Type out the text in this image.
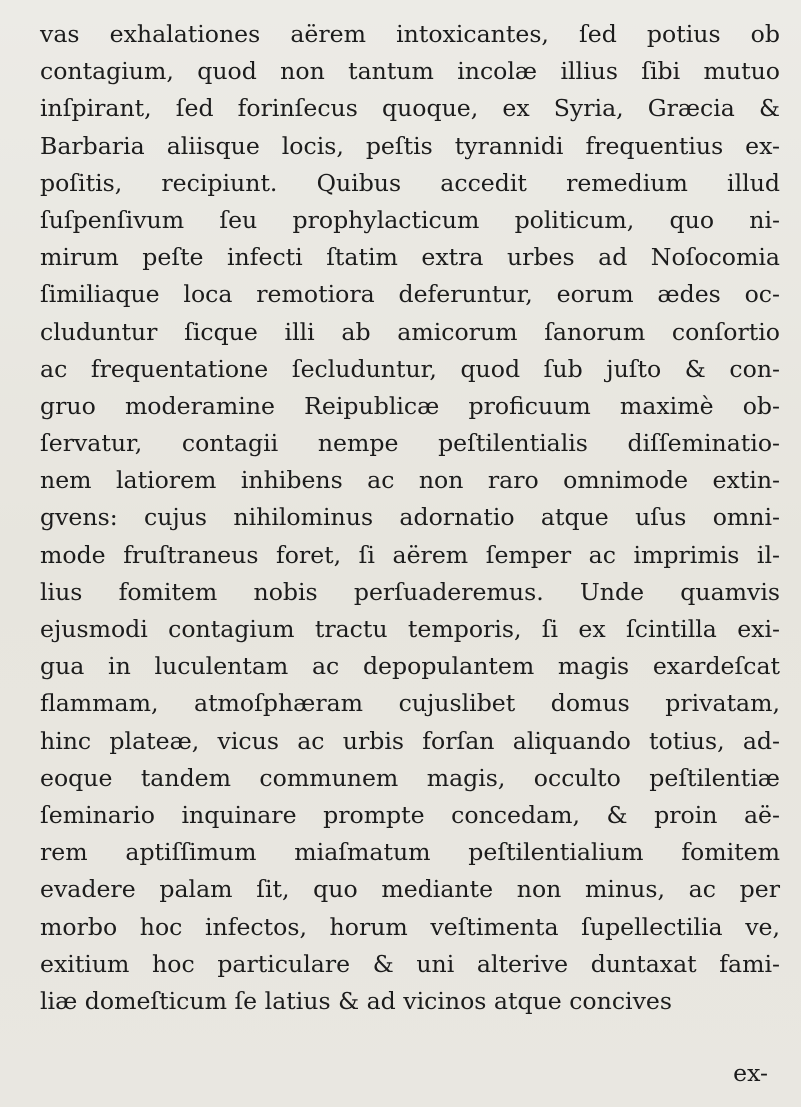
vas exhalationes aërem intoxicantes, ſed potius ob
contagium, quod non tantum incolæ illius ſibi mutuo
inſpirant, ſed forinſecus quoque, ex Syria, Græcia &
Barbaria aliisque locis, peſtis tyrannidi frequentius ex-
poſitis, recipiunt. Quibus accedit remedium illud
ſuſpenſivum ſeu prophylacticum politicum, quo ni-
mirum peſte infecti ſtatim extra urbes ad Noſocomia
ſimiliaque loca remotiora deferuntur, eorum ædes oc-
cluduntur ſicque illi ab amicorum ſanorum conſortio
ac frequentatione ſecluduntur, quod ſub juſto & con-
gruo moderamine Reipublicæ proficuum maximè ob-
ſervatur, contagii nempe peſtilentialis diſſeminatio-
nem latiorem inhibens ac non raro omnimode extin-
gvens: cujus nihilominus adornatio atque uſus omni-
mode fruſtraneus foret, ſi aërem ſemper ac imprimis il-
lius fomitem nobis perſuaderemus. Unde quamvis
ejusmodi contagium tractu temporis, ſi ex ſcintilla exi-
gua in luculentam ac depopulantem magis exardeſcat
flammam, atmoſphæram cujuslibet domus privatam,
hinc plateæ, vicus ac urbis forſan aliquando totius, ad-
eoque tandem communem magis, occulto peſtilentiæ
ſeminario inquinare prompte concedam, & proin aë-
rem aptiſſimum miaſmatum peſtilentialium fomitem
evadere palam ſit, quo mediante non minus, ac per
morbo hoc infectos, horum veſtimenta ſupellectilia ve,
exitium hoc particulare & uni alterive duntaxat fami-
liæ domeſticum ſe latius & ad vicinos atque concives
ex-
